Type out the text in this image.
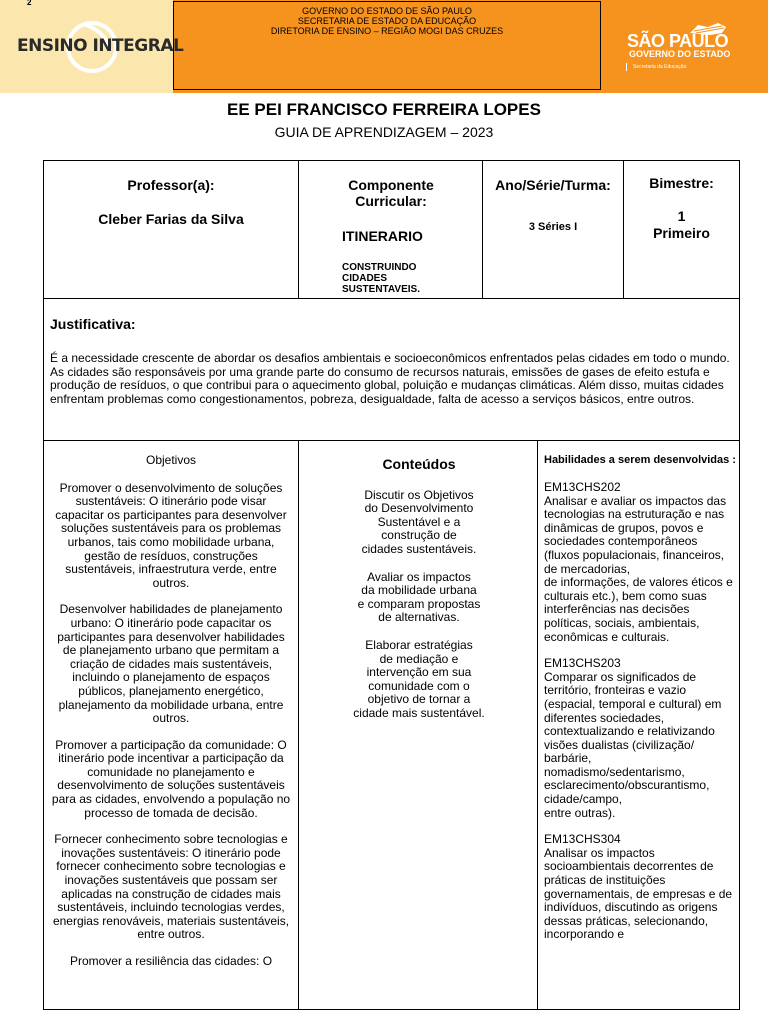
2
ENSINO INTEGRAL
GOVERNO DO ESTADO DE SÃO PAULO
SECRETARIA DE ESTADO DA EDUCAÇÃO
DIRETORIA DE ENSINO – REGIÃO MOGI DAS CRUZES	SÃO PAULO
GOVERNO DO ESTADO
Secretaria da Educação
EE PEI FRANCISCO FERREIRA LOPES
GUIA DE APRENDIZAGEM – 2023
Professor(a):
Cleber Farias da Silva
Componente
Curricular:
ITINERARIO
CONSTRUINDO
CIDADES
SUSTENTAVEIS.
Ano/Série/Turma:
3 Séries I
Bimestre:
1
Primeiro
Justificativa:
É a necessidade crescente de abordar os desafios ambientais e socioeconômicos enfrentados pelas cidades em todo o mundo. As cidades são responsáveis por uma grande parte do consumo de recursos naturais, emissões de gases de efeito estufa e produção de resíduos, o que contribui para o aquecimento global, poluição e mudanças climáticas. Além disso, muitas cidades enfrentam problemas como congestionamentos, pobreza, desigualdade, falta de acesso a serviços básicos, entre outros.

Objetivos

Promover o desenvolvimento de soluções sustentáveis: O itinerário pode visar capacitar os participantes para desenvolver soluções sustentáveis para os problemas urbanos, tais como mobilidade urbana, gestão de resíduos, construções sustentáveis, infraestrutura verde, entre outros.

Desenvolver habilidades de planejamento urbano: O itinerário pode capacitar os participantes para desenvolver habilidades de planejamento urbano que permitam a criação de cidades mais sustentáveis, incluindo o planejamento de espaços públicos, planejamento energético, planejamento da mobilidade urbana, entre outros.

Promover a participação da comunidade: O itinerário pode incentivar a participação da comunidade no planejamento e desenvolvimento de soluções sustentáveis para as cidades, envolvendo a população no processo de tomada de decisão.

Fornecer conhecimento sobre tecnologias e inovações sustentáveis: O itinerário pode fornecer conhecimento sobre tecnologias e inovações sustentáveis que possam ser aplicadas na construção de cidades mais sustentáveis, incluindo tecnologias verdes, energias renováveis, materiais sustentáveis, entre outros.

Promover a resiliência das cidades: O

Conteúdos

Discutir os Objetivos
do Desenvolvimento
Sustentável e a
construção de
cidades sustentáveis.

Avaliar os impactos
da mobilidade urbana
e comparam propostas
de alternativas.

Elaborar estratégias
de mediação e
intervenção em sua
comunidade com o
objetivo de tornar a
cidade mais sustentável.

Habilidades a serem desenvolvidas :

EM13CHS202

Analisar e avaliar os impactos das tecnologias na estruturação e nas dinâmicas de grupos, povos e sociedades contemporâneos (fluxos populacionais, financeiros, de mercadorias,
de informações, de valores éticos e culturais etc.), bem como suas interferências nas decisões políticas, sociais, ambientais, econômicas e culturais.

EM13CHS203

Comparar os significados de território, fronteiras e vazio (espacial, temporal e cultural) em diferentes sociedades, contextualizando e relativizando visões dualistas (civilização/
barbárie,
nomadismo/sedentarismo,
esclarecimento/obscurantismo,
cidade/campo,
entre outras).

EM13CHS304

Analisar os impactos socioambientais decorrentes de práticas de instituições governamentais, de empresas e de indivíduos, discutindo as origens dessas práticas, selecionando, incorporando e
